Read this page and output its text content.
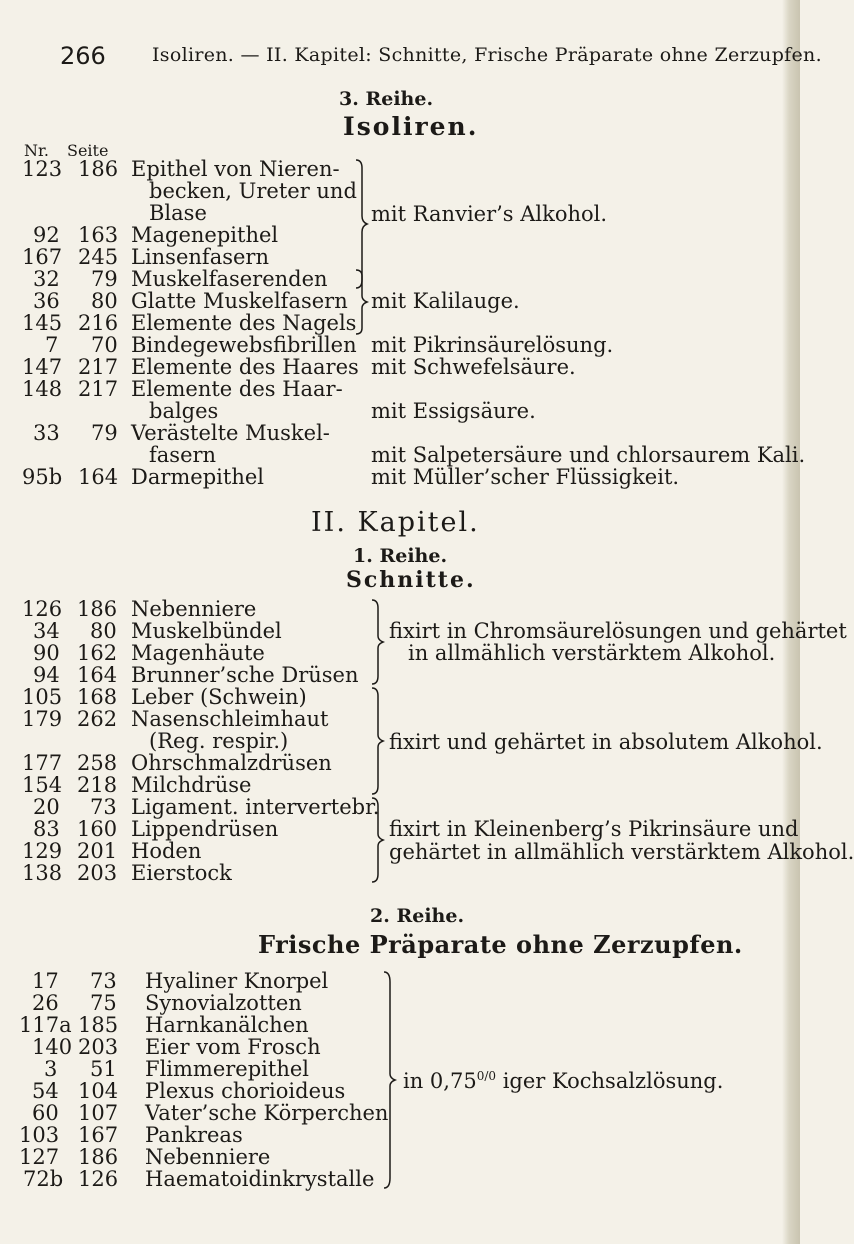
266 Isoliren. — II. Kapitel: Schnitte, Frische Präparate ohne Zerzupfen.
3. Reihe.
Isoliren.
Nr. Seite
123 186 Epithel von Nieren-
becken, Ureter und
Blase
92 163 Magenepithel
167 245 Linsenfasern
32 79 Muskelfaserenden
36 80 Glatte Muskelfasern
145 216 Elemente des Nagels
7 70 Bindegewebsfibrillen
147 217 Elemente des Haares
148 217 Elemente des Haar-
balges
33 79 Verästelte Muskel-
fasern
95b 164 Darmepithel
mit Ranvier’s Alkohol.
mit Kalilauge.
mit Pikrinsäurelösung.
mit Schwefelsäure.
mit Essigsäure.
mit Salpetersäure und chlorsaurem Kali.
mit Müller’scher Flüssigkeit.
II. Kapitel.
1. Reihe.
Schnitte.
126 186 Nebenniere
34 80 Muskelbündel
90 162 Magenhäute
94 164 Brunner’sche Drüsen
105 168 Leber (Schwein)
179 262 Nasenschleimhaut
(Reg. respir.)
177 258 Ohrschmalzdrüsen
154 218 Milchdrüse
20 73 Ligament. intervertebr.
83 160 Lippendrüsen
129 201 Hoden
138 203 Eierstock
fixirt in Chromsäurelösungen und gehärtet
in allmählich verstärktem Alkohol.
fixirt und gehärtet in absolutem Alkohol.
fixirt in Kleinenberg’s Pikrinsäure und
gehärtet in allmählich verstärktem Alkohol.
2. Reihe.
Frische Präparate ohne Zerzupfen.
17 73 Hyaliner Knorpel
26 75 Synovialzotten
117a 185 Harnkanälchen
140 203 Eier vom Frosch
3 51 Flimmerepithel
54 104 Plexus chorioideus
60 107 Vater’sche Körperchen
103 167 Pankreas
127 186 Nebenniere
72b 126 Haematoidinkrystalle
in $0,75^{0/0}$ iger Kochsalzlösung.
